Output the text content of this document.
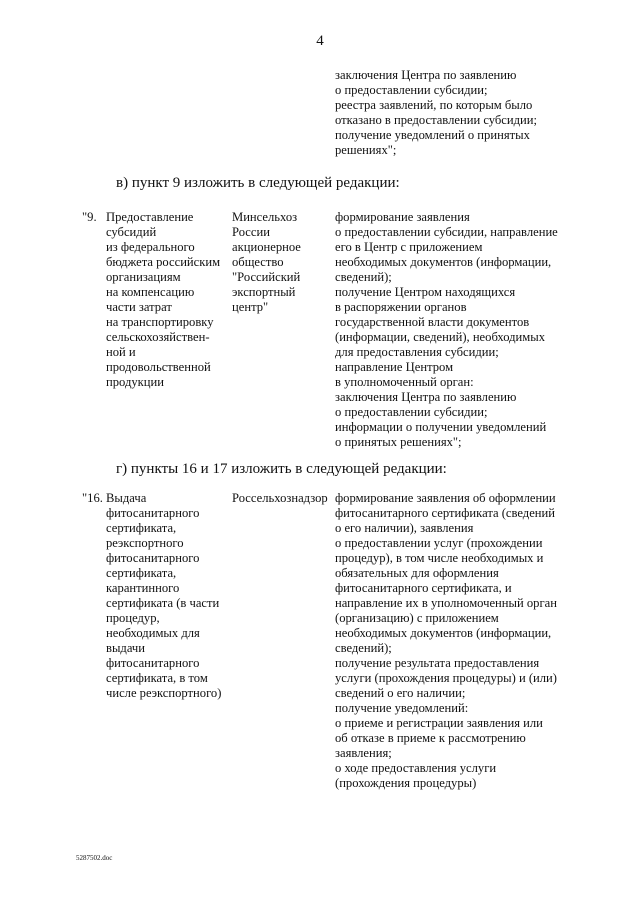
4
заключения Центра по заявлению
о предоставлении субсидии;
реестра заявлений, по которым было
отказано в предоставлении субсидии;
получение уведомлений о принятых
решениях";
в) пункт 9 изложить в следующей редакции:
"9. Предоставление
субсидий
из федерального
бюджета российским
организациям
на компенсацию
части затрат
на транспортировку
сельскохозяйствен-
ной и
продовольственной
продукции
Минсельхоз
России
акционерное
общество
"Российский
экспортный
центр"
формирование заявления
о предоставлении субсидии, направление
его в Центр с приложением
необходимых документов (информации,
сведений);
получение Центром находящихся
в распоряжении органов
государственной власти документов
(информации, сведений), необходимых
для предоставления субсидии;
направление Центром
в уполномоченный орган:
заключения Центра по заявлению
о предоставлении субсидии;
информации о получении уведомлений
о принятых решениях";
г) пункты 16 и 17 изложить в следующей редакции:
"16. Выдача
фитосанитарного
сертификата,
реэкспортного
фитосанитарного
сертификата,
карантинного
сертификата (в части
процедур,
необходимых для
выдачи
фитосанитарного
сертификата, в том
числе реэкспортного)
Россельхознадзор формирование заявления об оформлении
фитосанитарного сертификата (сведений
о его наличии), заявления
о предоставлении услуг (прохождении
процедур), в том числе необходимых и
обязательных для оформления
фитосанитарного сертификата, и
направление их в уполномоченный орган
(организацию) с приложением
необходимых документов (информации,
сведений);
получение результата предоставления
услуги (прохождения процедуры) и (или)
сведений о его наличии;
получение уведомлений:
о приеме и регистрации заявления или
об отказе в приеме к рассмотрению
заявления;
о ходе предоставления услуги
(прохождения процедуры)
5287502.doc
